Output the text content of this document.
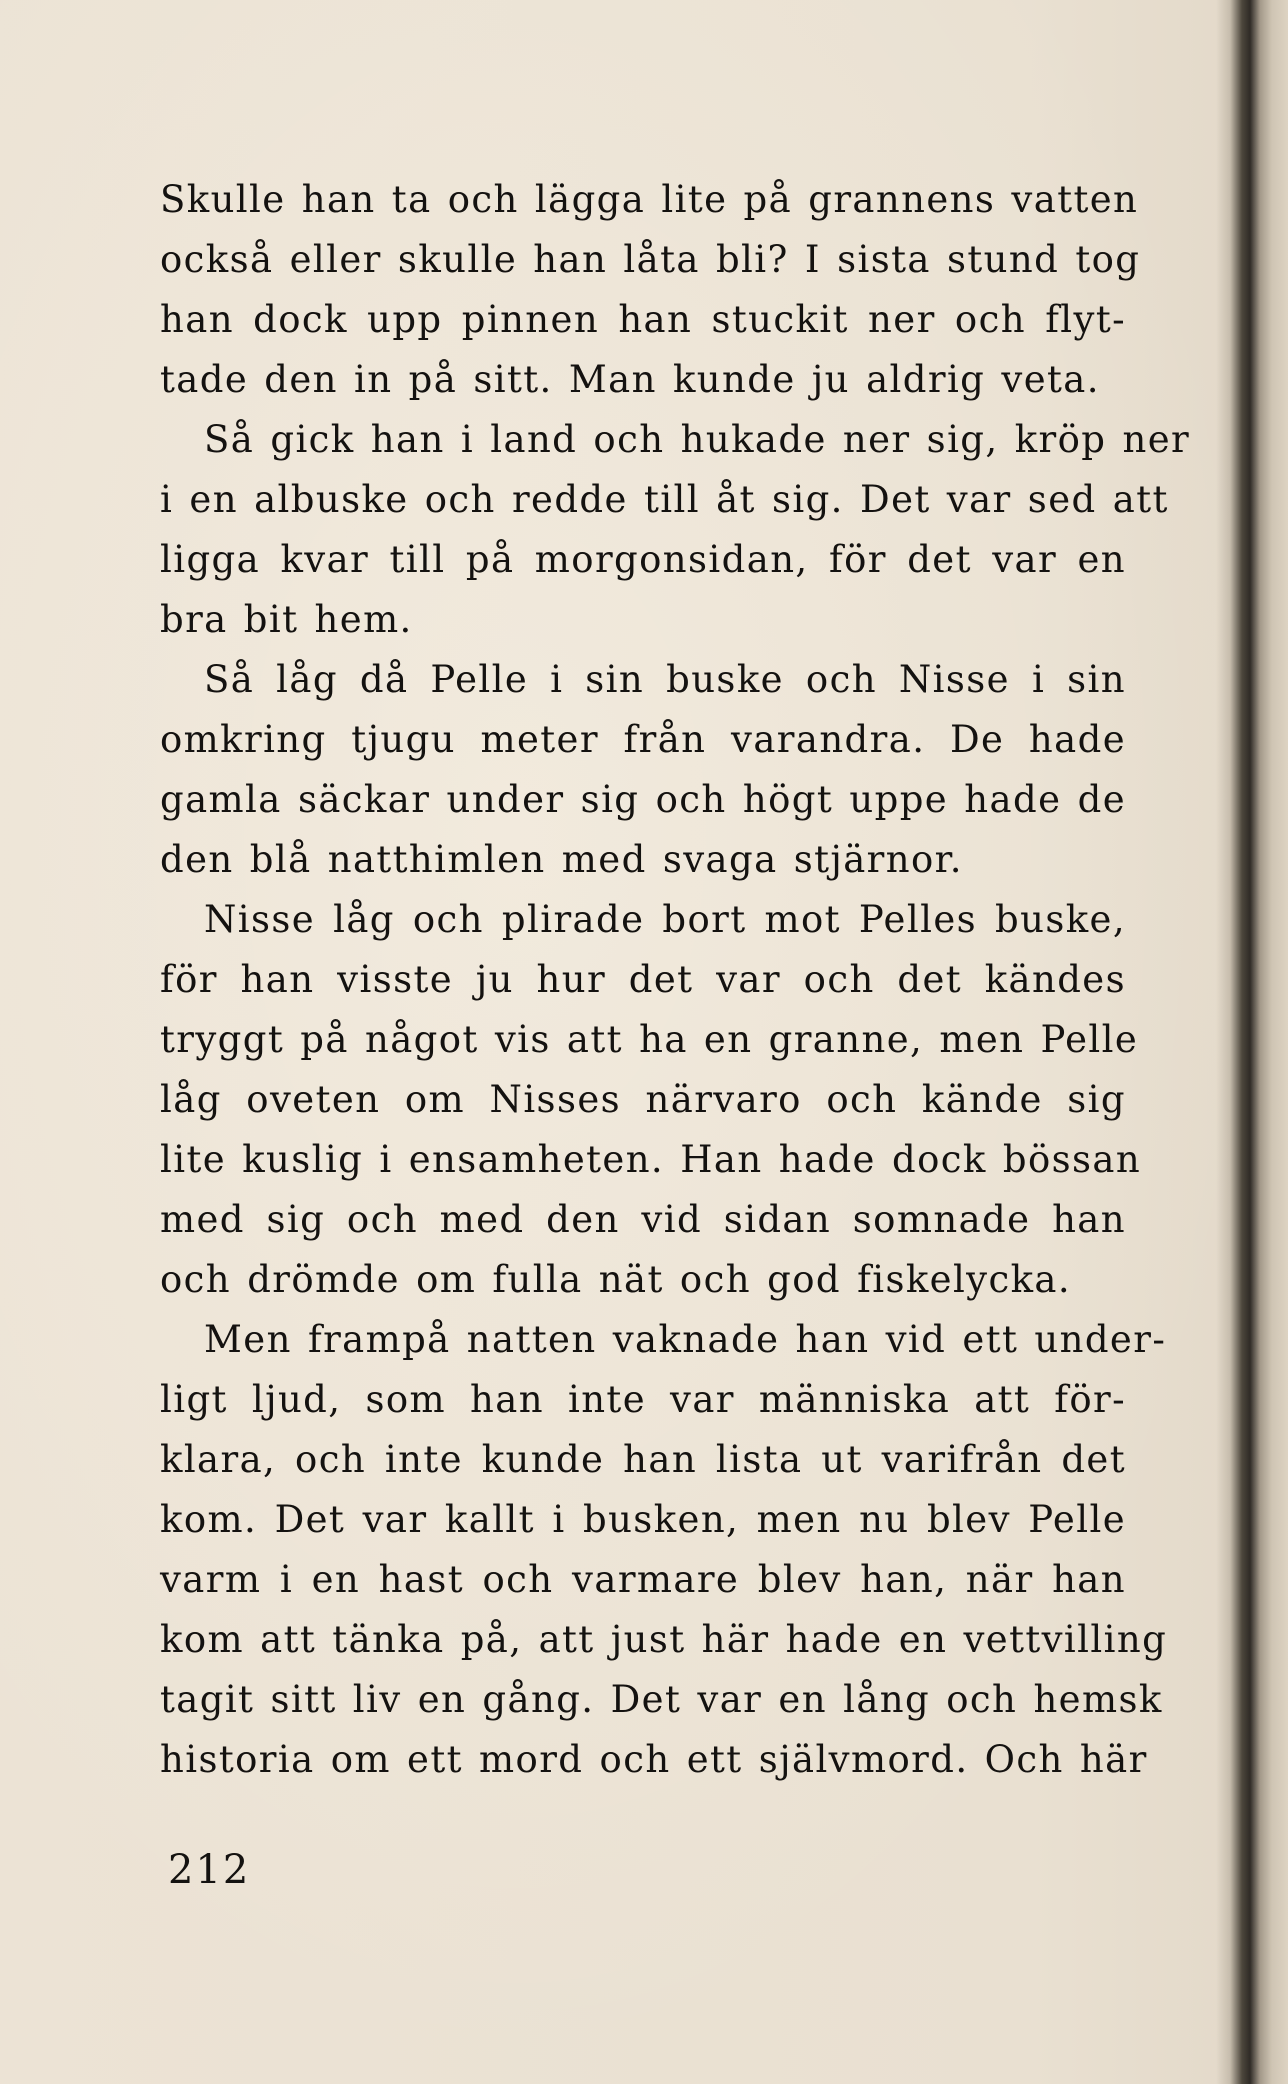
Skulle han ta och lägga lite på grannens vatten
också eller skulle han låta bli? I sista stund tog
han dock upp pinnen han stuckit ner och flyt-
tade den in på sitt. Man kunde ju aldrig veta.
Så gick han i land och hukade ner sig, kröp ner
i en albuske och redde till åt sig. Det var sed att
ligga kvar till på morgonsidan, för det var en
bra bit hem.
Så låg då Pelle i sin buske och Nisse i sin
omkring tjugu meter från varandra. De hade
gamla säckar under sig och högt uppe hade de
den blå natthimlen med svaga stjärnor.
Nisse låg och plirade bort mot Pelles buske,
för han visste ju hur det var och det kändes
tryggt på något vis att ha en granne, men Pelle
låg oveten om Nisses närvaro och kände sig
lite kuslig i ensamheten. Han hade dock bössan
med sig och med den vid sidan somnade han
och drömde om fulla nät och god fiskelycka.
Men frampå natten vaknade han vid ett under-
ligt ljud, som han inte var människa att för-
klara, och inte kunde han lista ut varifrån det
kom. Det var kallt i busken, men nu blev Pelle
varm i en hast och varmare blev han, när han
kom att tänka på, att just här hade en vettvilling
tagit sitt liv en gång. Det var en lång och hemsk
historia om ett mord och ett självmord. Och här
212
